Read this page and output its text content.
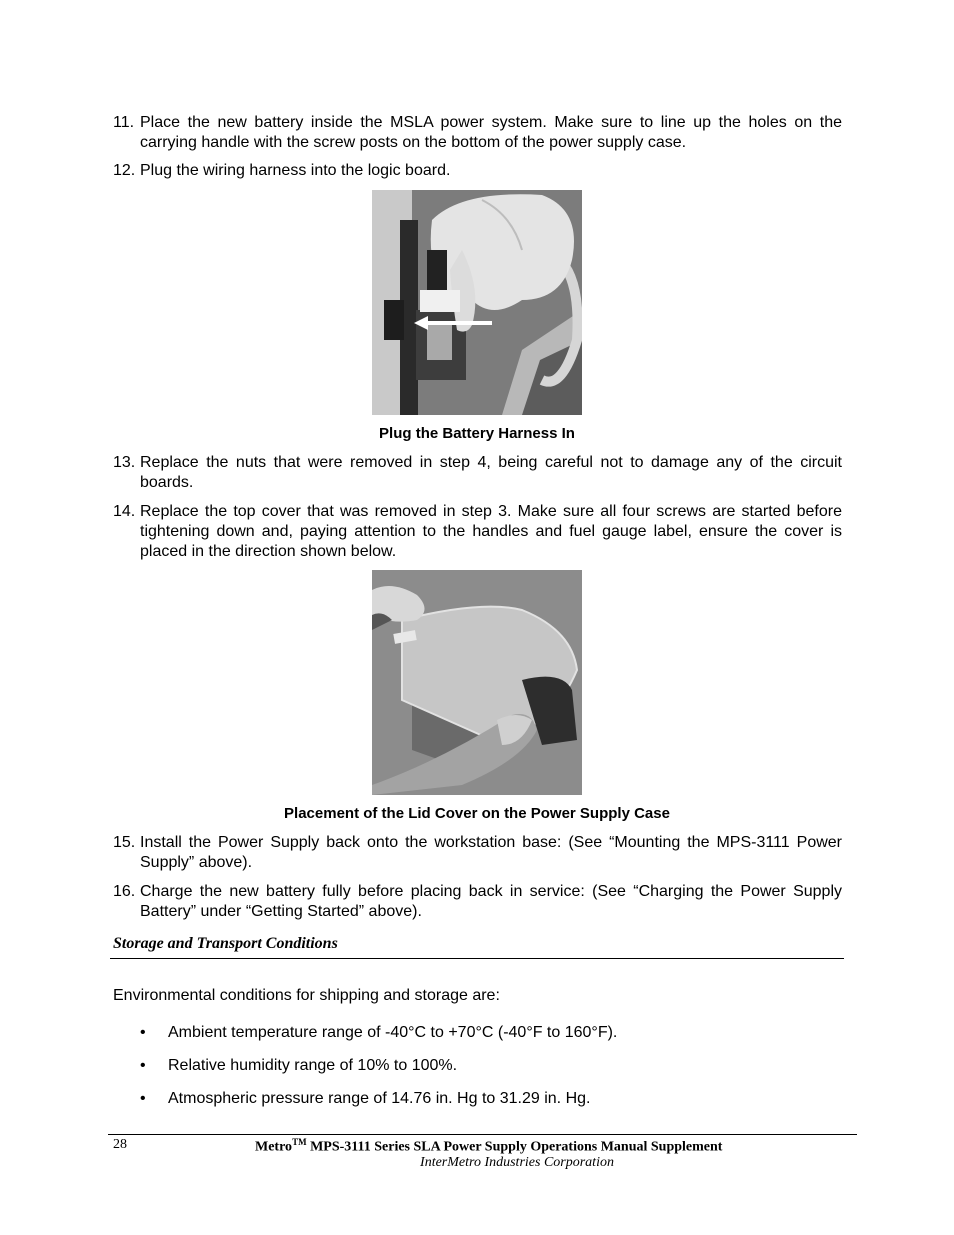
11. Place the new battery inside the MSLA power system. Make sure to line up the holes on the carrying handle with the screw posts on the bottom of the power supply case.
12. Plug the wiring harness into the logic board.
Plug the Battery Harness In
13. Replace the nuts that were removed in step 4, being careful not to damage any of the circuit boards.
14. Replace the top cover that was removed in step 3. Make sure all four screws are started before tightening down and, paying attention to the handles and fuel gauge label, ensure the cover is placed in the direction shown below.
Placement of the Lid Cover on the Power Supply Case
15. Install the Power Supply back onto the workstation base: (See “Mounting the MPS-3111 Power Supply” above).
16. Charge the new battery fully before placing back in service: (See “Charging the Power Supply Battery” under “Getting Started” above).
Storage and Transport Conditions
Environmental conditions for shipping and storage are:
• Ambient temperature range of -40°C to +70°C (-40°F to 160°F).
• Relative humidity range of 10% to 100%.
• Atmospheric pressure range of 14.76 in. Hg to 31.29 in. Hg.
28	Metro™ MPS-3111 Series SLA Power Supply Operations Manual Supplement
InterMetro Industries Corporation
